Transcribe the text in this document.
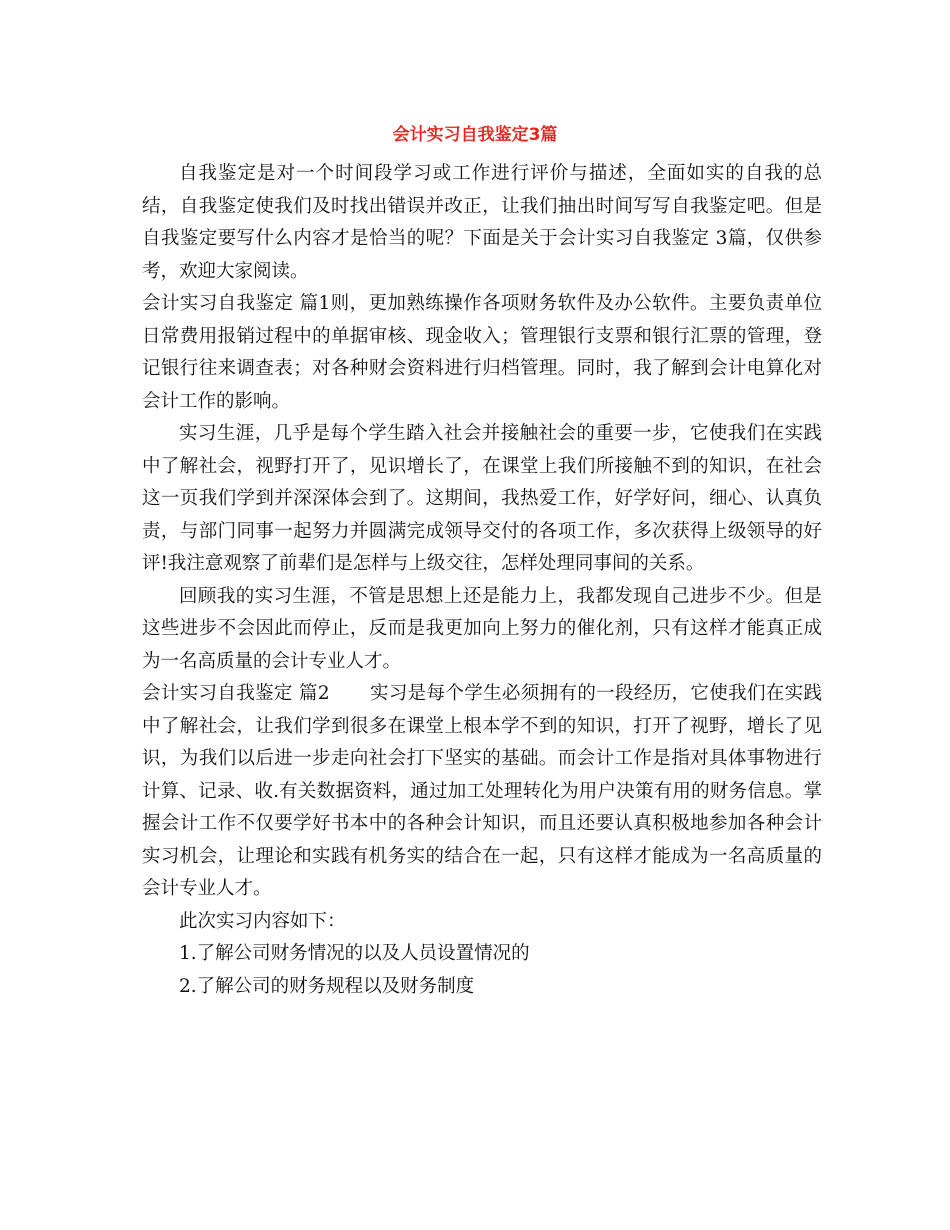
会计实习自我鉴定3篇

自我鉴定是对一个时间段学习或工作进行评价与描述，全面如实的自我的总结，自我鉴定使我们及时找出错误并改正，让我们抽出时间写写自我鉴定吧。但是自我鉴定要写什么内容才是恰当的呢？下面是关于会计实习自我鉴定 3篇，仅供参考，欢迎大家阅读。

会计实习自我鉴定 篇1则，更加熟练操作各项财务软件及办公软件。主要负责单位日常费用报销过程中的单据审核、现金收入；管理银行支票和银行汇票的管理，登记银行往来调查表；对各种财会资料进行归档管理。同时，我了解到会计电算化对会计工作的影响。

实习生涯，几乎是每个学生踏入社会并接触社会的重要一步，它使我们在实践中了解社会，视野打开了，见识增长了，在课堂上我们所接触不到的知识，在社会这一页我们学到并深深体会到了。这期间，我热爱工作，好学好问，细心、认真负责，与部门同事一起努力并圆满完成领导交付的各项工作，多次获得上级领导的好评!我注意观察了前辈们是怎样与上级交往，怎样处理同事间的关系。

回顾我的实习生涯，不管是思想上还是能力上，我都发现自己进步不少。但是这些进步不会因此而停止，反而是我更加向上努力的催化剂，只有这样才能真正成为一名高质量的会计专业人才。

会计实习自我鉴定 篇2 实习是每个学生必须拥有的一段经历，它使我们在实践中了解社会，让我们学到很多在课堂上根本学不到的知识，打开了视野，增长了见识，为我们以后进一步走向社会打下坚实的基础。而会计工作是指对具体事物进行计算、记录、收.有关数据资料，通过加工处理转化为用户决策有用的财务信息。掌握会计工作不仅要学好书本中的各种会计知识，而且还要认真积极地参加各种会计实习机会，让理论和实践有机务实的结合在一起，只有这样才能成为一名高质量的会计专业人才。

此次实习内容如下：

1.了解公司财务情况的以及人员设置情况的

2.了解公司的财务规程以及财务制度
